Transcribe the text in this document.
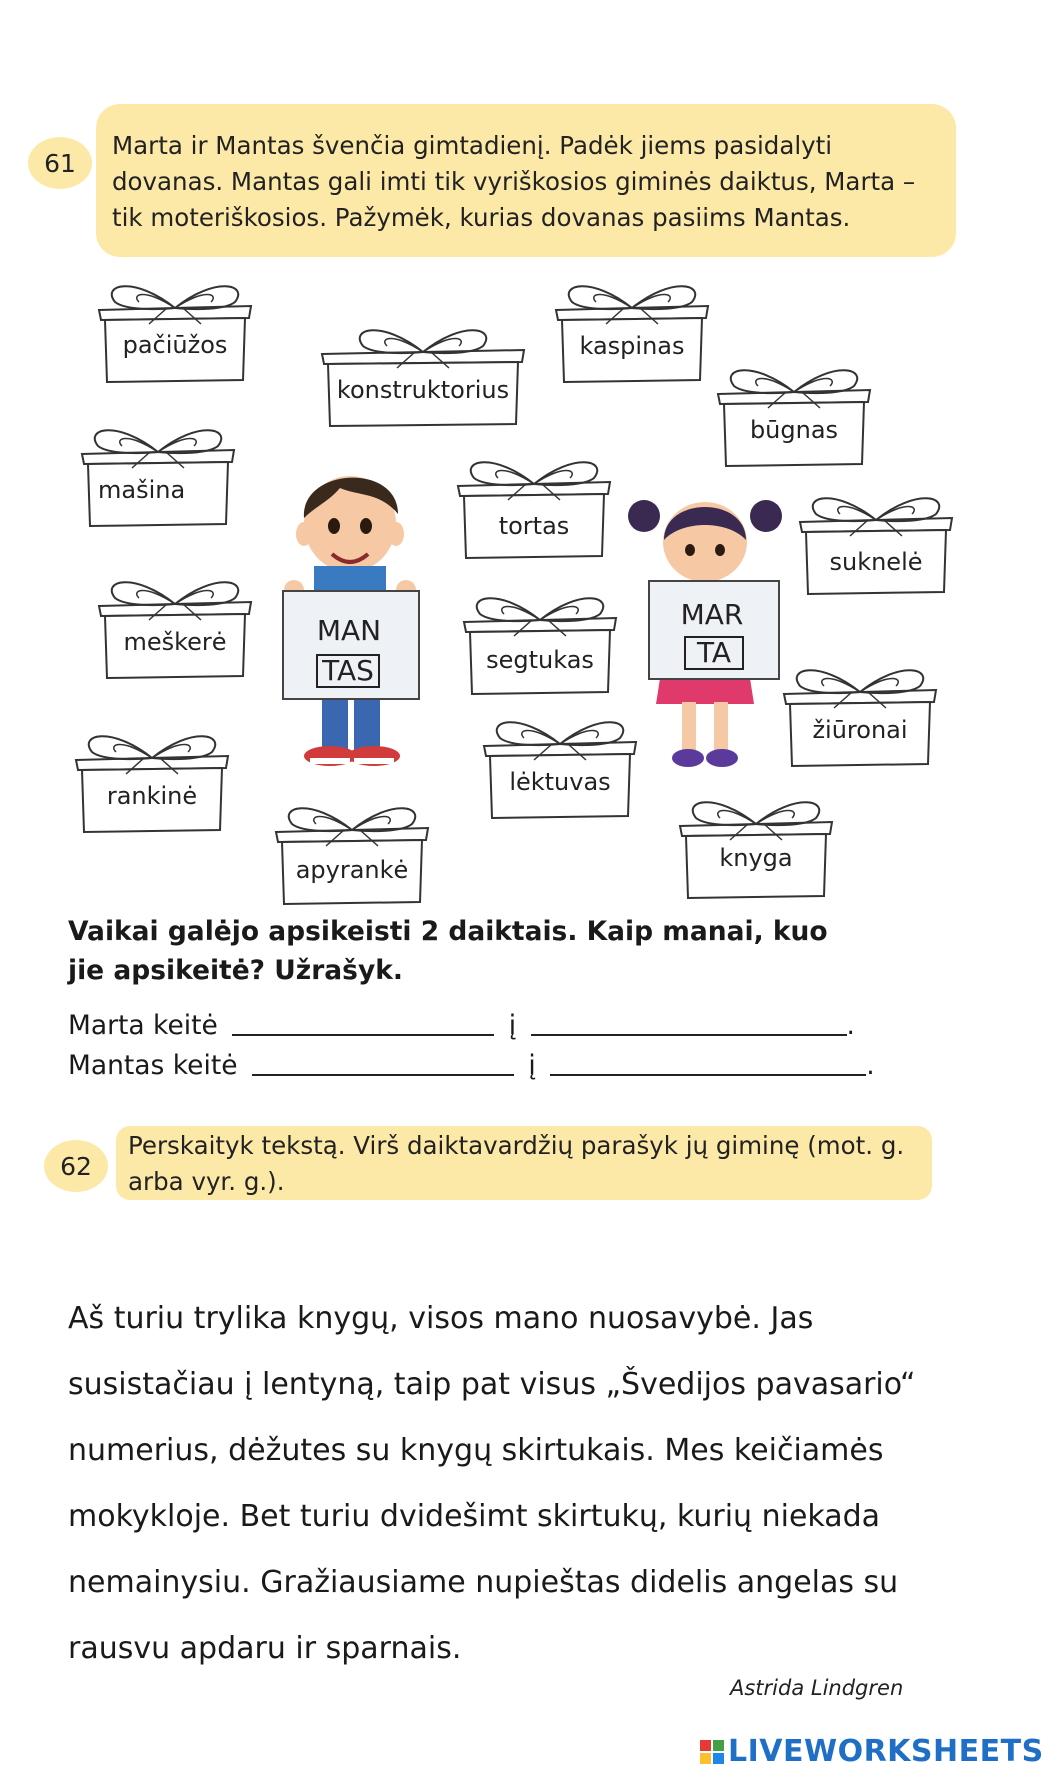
61
Marta ir Mantas švenčia gimtadienį. Padėk jiems pasidalyti dovanas. Mantas gali imti tik vyriškosios giminės daiktus, Marta – tik moteriškosios. Pažymėk, kurias dovanas pasiims Mantas.
pačiūžos
konstruktorius
kaspinas
būgnas
mašina
tortas
suknelė
meškerė
segtukas
žiūronai
rankinė	lėktuvas
apyrankė	knyga
MAN
TAS
MAR
TA
Vaikai galėjo apsikeisti 2 daiktais. Kaip manai, kuo jie apsikeitė? Užrašyk.
Marta keitė	į	.
Mantas keitė	į	.
62
Perskaityk tekstą. Virš daiktavardžių parašyk jų giminę (mot. g. arba vyr. g.).
Aš turiu trylika knygų, visos mano nuosavybė. Jas
susistačiau į lentyną, taip pat visus „Švedijos pavasario“
numerius, dėžutes su knygų skirtukais. Mes keičiamės
mokykloje. Bet turiu dvidešimt skirtukų, kurių niekada
nemainysiu. Gražiausiame nupieštas didelis angelas su
rausvu apdaru ir sparnais.
Astrida Lindgren
LIVEWORKSHEETS
